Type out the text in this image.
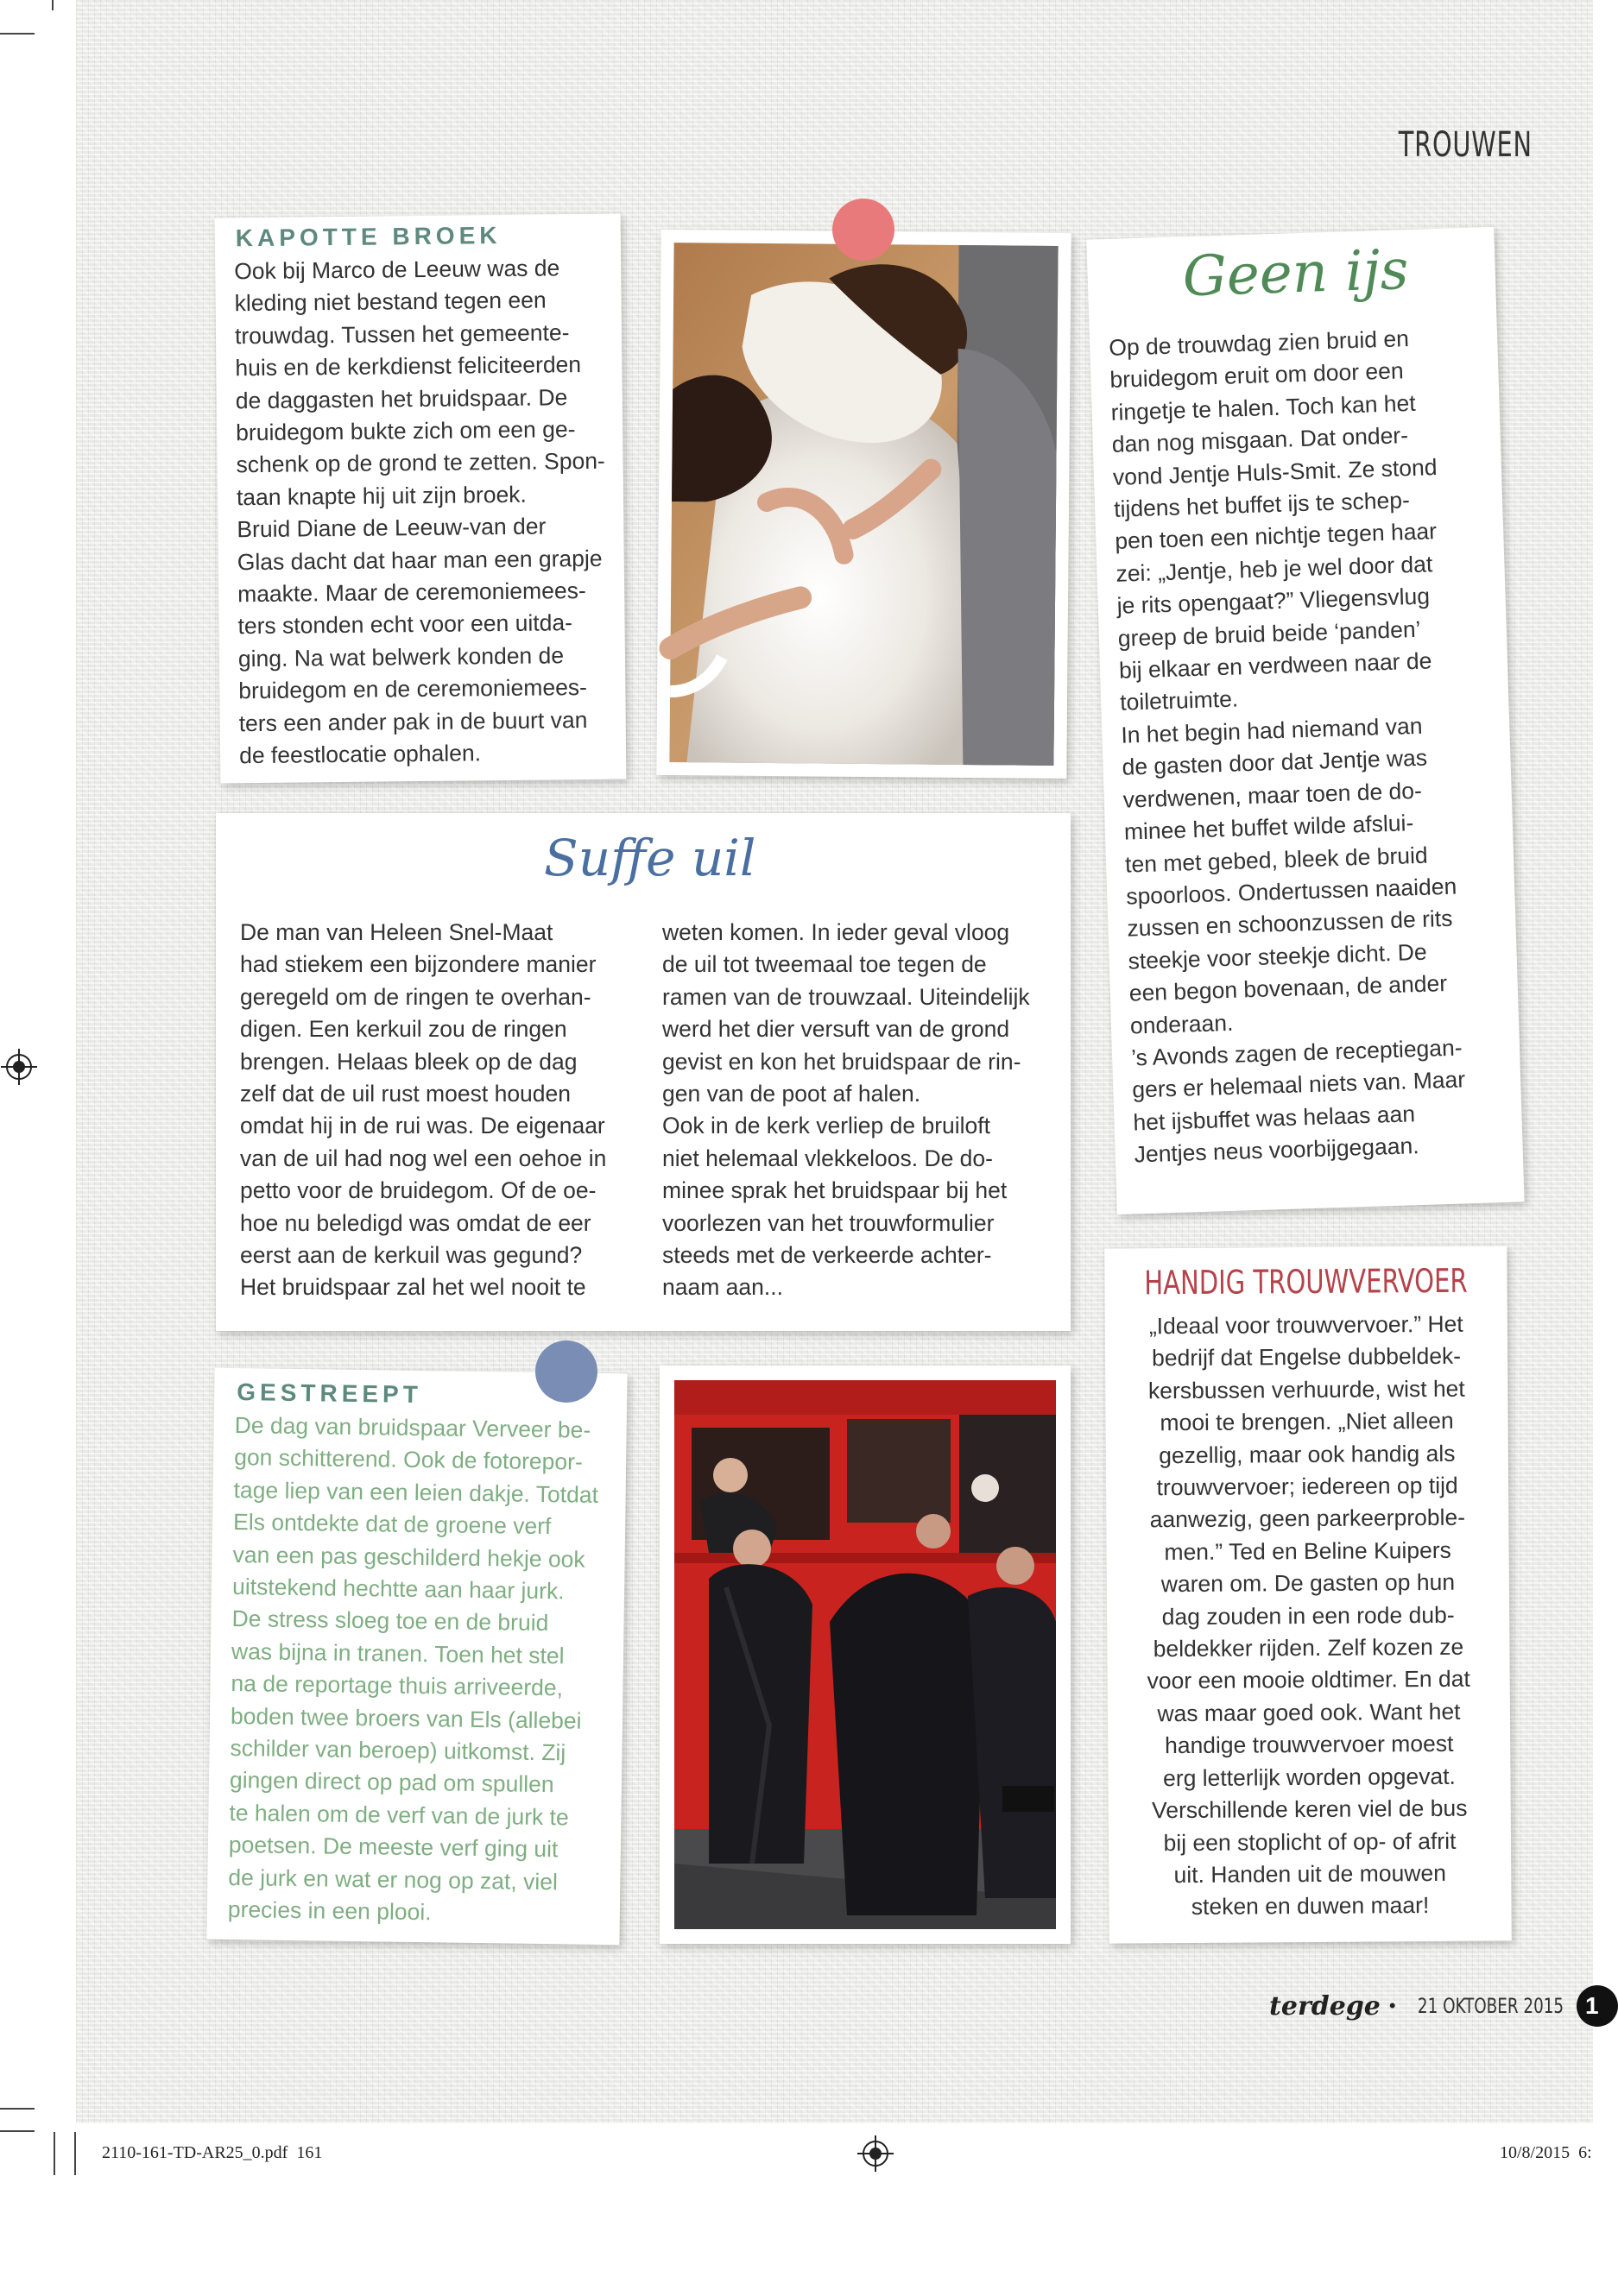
TROUWEN
KAPOTTE BROEK
Ook bij Marco de Leeuw was de
kleding niet bestand tegen een
trouwdag. Tussen het gemeente-
huis en de kerkdienst feliciteerden
de daggasten het bruidspaar. De
bruidegom bukte zich om een ge-
schenk op de grond te zetten. Spon-
taan knapte hij uit zijn broek.
Bruid Diane de Leeuw-van der
Glas dacht dat haar man een grapje
maakte. Maar de ceremoniemees-
ters stonden echt voor een uitda-
ging. Na wat belwerk konden de
bruidegom en de ceremoniemees-
ters een ander pak in de buurt van
de feestlocatie ophalen.
Geen ijs
Op de trouwdag zien bruid en
bruidegom eruit om door een
ringetje te halen. Toch kan het
dan nog misgaan. Dat onder-
vond Jentje Huls-Smit. Ze stond
tijdens het buffet ijs te schep-
pen toen een nichtje tegen haar
zei: „Jentje, heb je wel door dat
je rits opengaat?” Vliegensvlug
greep de bruid beide ‘panden’
bij elkaar en verdween naar de
toiletruimte.
In het begin had niemand van
de gasten door dat Jentje was
verdwenen, maar toen de do-
minee het buffet wilde afslui-
ten met gebed, bleek de bruid
spoorloos. Ondertussen naaiden
zussen en schoonzussen de rits
steekje voor steekje dicht. De
een begon bovenaan, de ander
onderaan.
’s Avonds zagen de receptiegan-
gers er helemaal niets van. Maar
het ijsbuffet was helaas aan
Jentjes neus voorbijgegaan.
Suffe uil
De man van Heleen Snel-Maat
had stiekem een bijzondere manier
geregeld om de ringen te overhan-
digen. Een kerkuil zou de ringen
brengen. Helaas bleek op de dag
zelf dat de uil rust moest houden
omdat hij in de rui was. De eigenaar
van de uil had nog wel een oehoe in
petto voor de bruidegom. Of de oe-
hoe nu beledigd was omdat de eer
eerst aan de kerkuil was gegund?
Het bruidspaar zal het wel nooit te
weten komen. In ieder geval vloog
de uil tot tweemaal toe tegen de
ramen van de trouwzaal. Uiteindelijk
werd het dier versuft van de grond
gevist en kon het bruidspaar de rin-
gen van de poot af halen.
Ook in de kerk verliep de bruiloft
niet helemaal vlekkeloos. De do-
minee sprak het bruidspaar bij het
voorlezen van het trouwformulier
steeds met de verkeerde achter-
naam aan...
GESTREEPT
De dag van bruidspaar Verveer be-
gon schitterend. Ook de fotorepor-
tage liep van een leien dakje. Totdat
Els ontdekte dat de groene verf
van een pas geschilderd hekje ook
uitstekend hechtte aan haar jurk.
De stress sloeg toe en de bruid
was bijna in tranen. Toen het stel
na de reportage thuis arriveerde,
boden twee broers van Els (allebei
schilder van beroep) uitkomst. Zij
gingen direct op pad om spullen
te halen om de verf van de jurk te
poetsen. De meeste verf ging uit
de jurk en wat er nog op zat, viel
precies in een plooi.
HANDIG TROUWVERVOER
„Ideaal voor trouwvervoer.” Het
bedrijf dat Engelse dubbeldek-
kersbussen verhuurde, wist het
mooi te brengen. „Niet alleen
gezellig, maar ook handig als
trouwvervoer; iedereen op tijd
aanwezig, geen parkeerproble-
men.” Ted en Beline Kuipers
waren om. De gasten op hun
dag zouden in een rode dub-
beldekker rijden. Zelf kozen ze
voor een mooie oldtimer. En dat
was maar goed ook. Want het
handige trouwvervoer moest
erg letterlijk worden opgevat.
Verschillende keren viel de bus
bij een stoplicht of op- of afrit
uit. Handen uit de mouwen
steken en duwen maar!
terdege • 21 OKTOBER 2015 1
2110-161-TD-AR25_0.pdf  161	10/8/2015  6:
